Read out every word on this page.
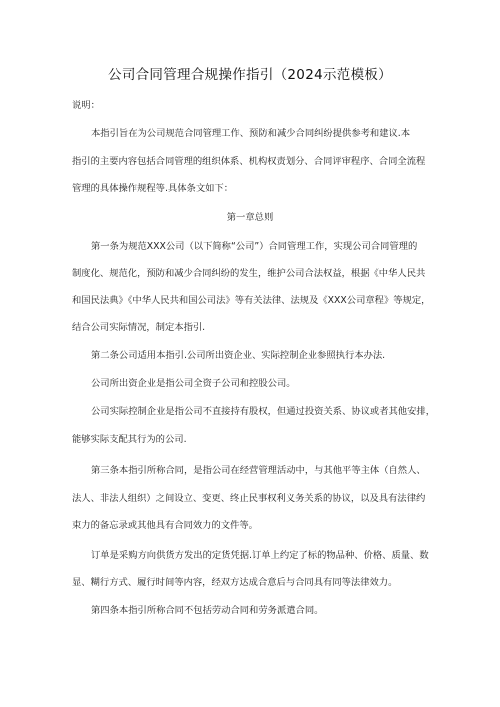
公司合同管理合规操作指引（2024示范模板）
说明：
本指引旨在为公司规范合同管理工作、预防和减少合同纠纷提供参考和建议.本
指引的主要内容包括合同管理的组织体系、机构权责划分、合同评审程序、合同全流程
管理的具体操作规程等.具体条文如下：
第一章总则
第一条为规范XXX公司（以下简称“公司”）合同管理工作，实现公司合同管理的
制度化、规范化，预防和减少合同纠纷的发生，维护公司合法权益，根据《中华人民共
和国民法典》《中华人民共和国公司法》等有关法律、法规及《XXX公司章程》等规定，
结合公司实际情况，制定本指引.
第二条公司适用本指引.公司所出资企业、实际控制企业参照执行本办法.
公司所出资企业是指公司全资子公司和控股公司。
公司实际控制企业是指公司不直接持有股权，但通过投资关系、协议或者其他安排，
能够实际支配其行为的公司.
第三条本指引所称合同，是指公司在经营管理活动中，与其他平等主体（自然人、
法人、非法人组织）之间设立、变更、终止民事权利义务关系的协议，以及具有法律约
束力的备忘录或其他具有合同效力的文件等。
订单是采购方向供货方发出的定货凭据.订单上约定了标的物品种、价格、质量、数
显、糊行方式、履行时间等内容，经双方达成合意后与合同具有同等法律效力。
第四条本指引所称合同不包括劳动合同和劳务派遣合同。
